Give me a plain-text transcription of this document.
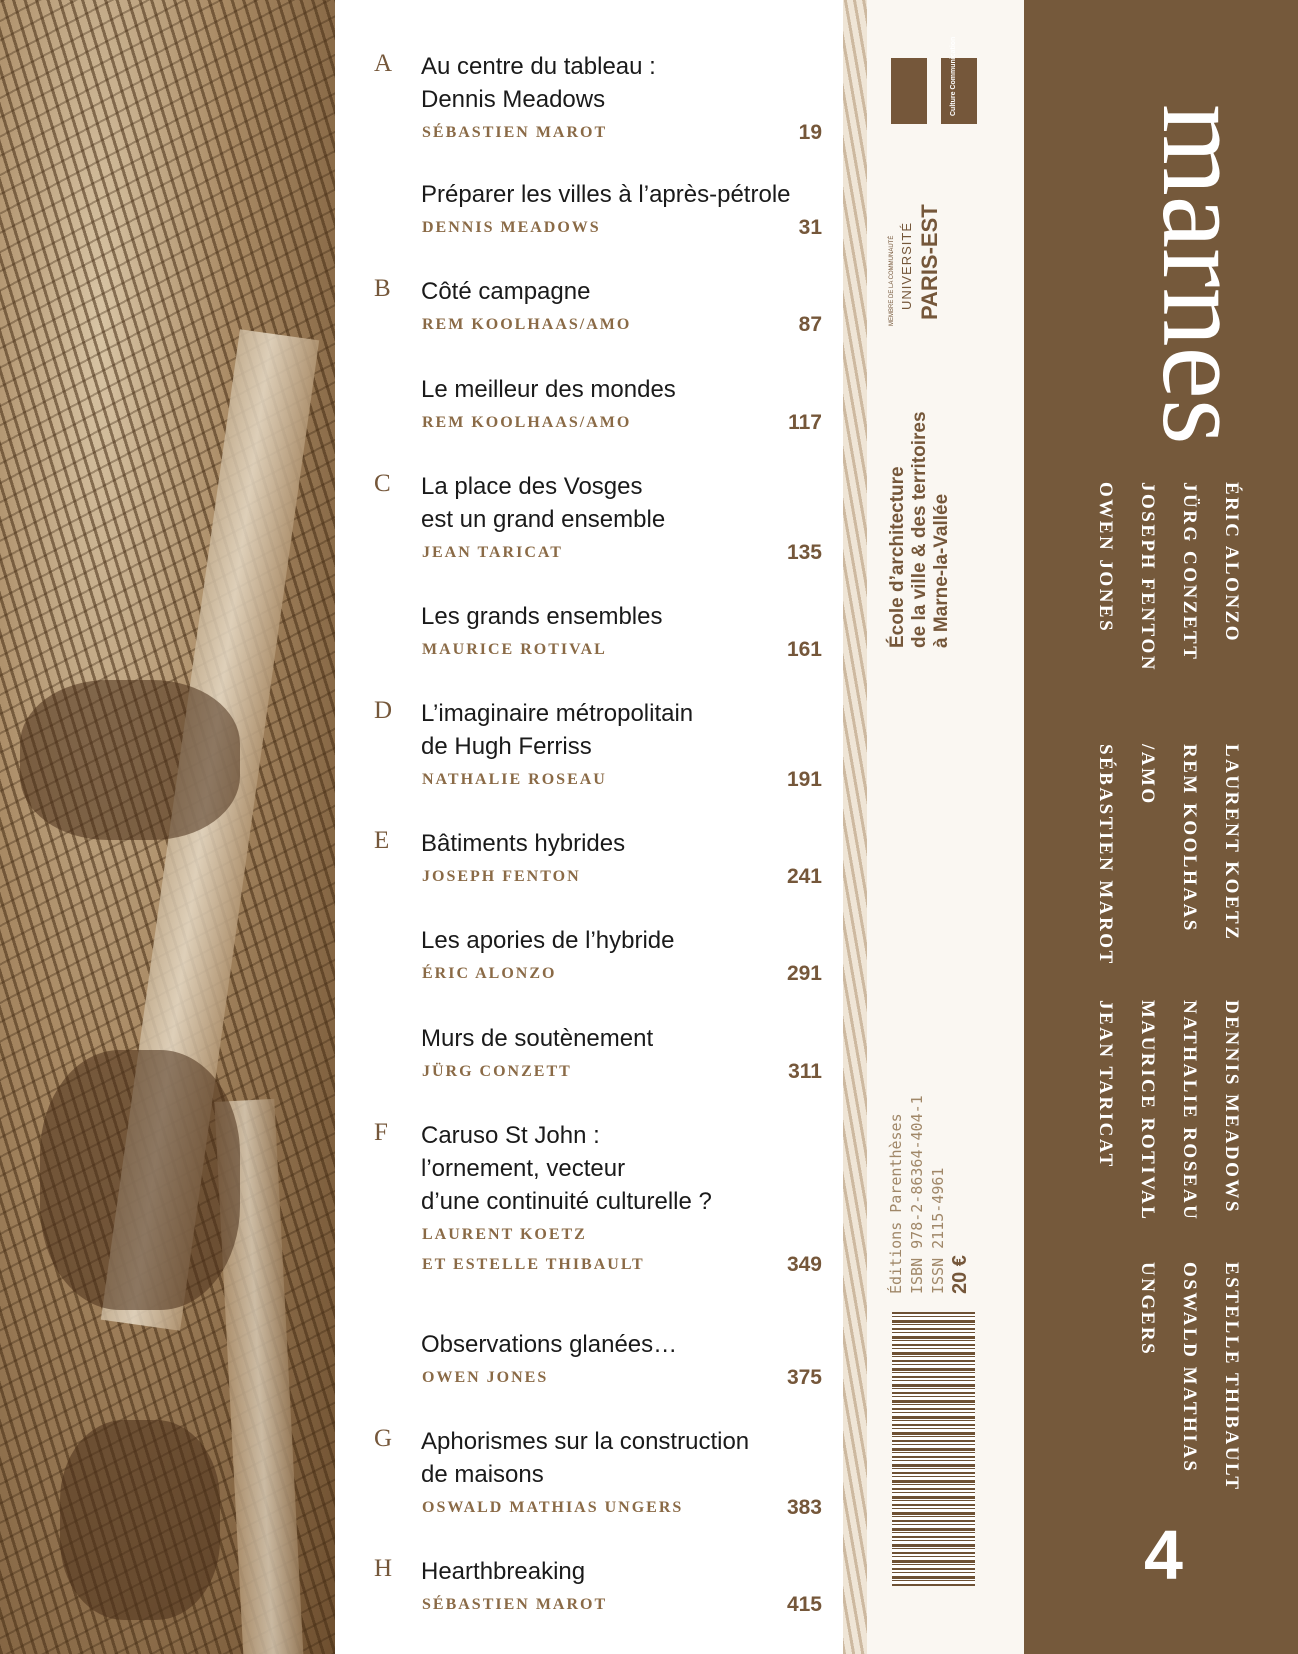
A Au centre du tableau :
Dennis Meadows
SÉBASTIEN MAROT	19
Préparer les villes à l’après-pétrole
DENNIS MEADOWS	31
B Côté campagne
REM KOOLHAAS/AMO	87
Le meilleur des mondes
REM KOOLHAAS/AMO	117
C La place des Vosges
est un grand ensemble
JEAN TARICAT	135
Les grands ensembles
MAURICE ROTIVAL	161
D L’imaginaire métropolitain
de Hugh Ferriss
NATHALIE ROSEAU	191
E Bâtiments hybrides
JOSEPH FENTON	241
Les apories de l’hybride
ÉRIC ALONZO	291
Murs de soutènement
JÜRG CONZETT	311
F Caruso St John :
l’ornement, vecteur
d’une continuité culturelle ?
LAURENT KOETZ
ET ESTELLE THIBAULT	349
Observations glanées…
OWEN JONES	375
G Aphorismes sur la construction
de maisons
OSWALD MATHIAS UNGERS	383
H Hearthbreaking
SÉBASTIEN MAROT	415
Culture Communication
MEMBRE DE LA COMMUNAUTÉ UNIVERSITÉ PARIS-EST
École d’architecture de la ville & des territoires à Marne-la-Vallée
Éditions Parenthèses ISBN 978-2-86364-404-1 ISSN 2115-4961 20 €
marnes
ÉRIC ALONZO
JÜRG CONZETT
JOSEPH FENTON
OWEN JONES
LAURENT KOETZ
REM KOOLHAAS
/AMO
SÉBASTIEN MAROT
DENNIS MEADOWS
NATHALIE ROSEAU
MAURICE ROTIVAL
JEAN TARICAT
ESTELLE THIBAULT
OSWALD MATHIAS
UNGERS
4
